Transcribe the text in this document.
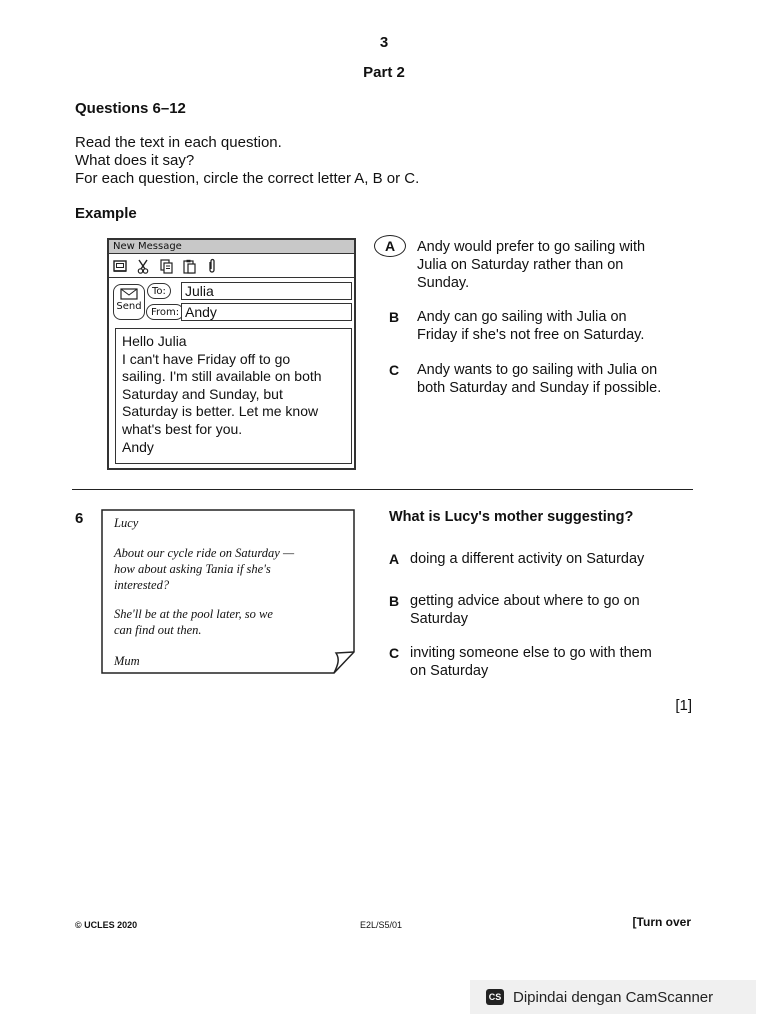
3
Part 2
Questions 6–12
Read the text in each question.
What does it say?
For each question, circle the correct letter A, B or C.
Example
New Message
Send
To:	Julia
From: Andy
Hello Julia
I can't have Friday off to go
sailing. I'm still available on both
Saturday and Sunday, but
Saturday is better. Let me know
what's best for you.
Andy
A	Andy would prefer to go sailing with
Julia on Saturday rather than on
Sunday.
B Andy can go sailing with Julia on
Friday if she's not free on Saturday.
C Andy wants to go sailing with Julia on
both Saturday and Sunday if possible.
6 Lucy
About our cycle ride on Saturday —
how about asking Tania if she's
interested?
She'll be at the pool later, so we
can find out then.
Mum
What is Lucy's mother suggesting?
A doing a different activity on Saturday
B getting advice about where to go on
Saturday
C inviting someone else to go with them
on Saturday
[1]
© UCLES 2020	E2L/S5/01	[Turn over
CS Dipindai dengan CamScanner
